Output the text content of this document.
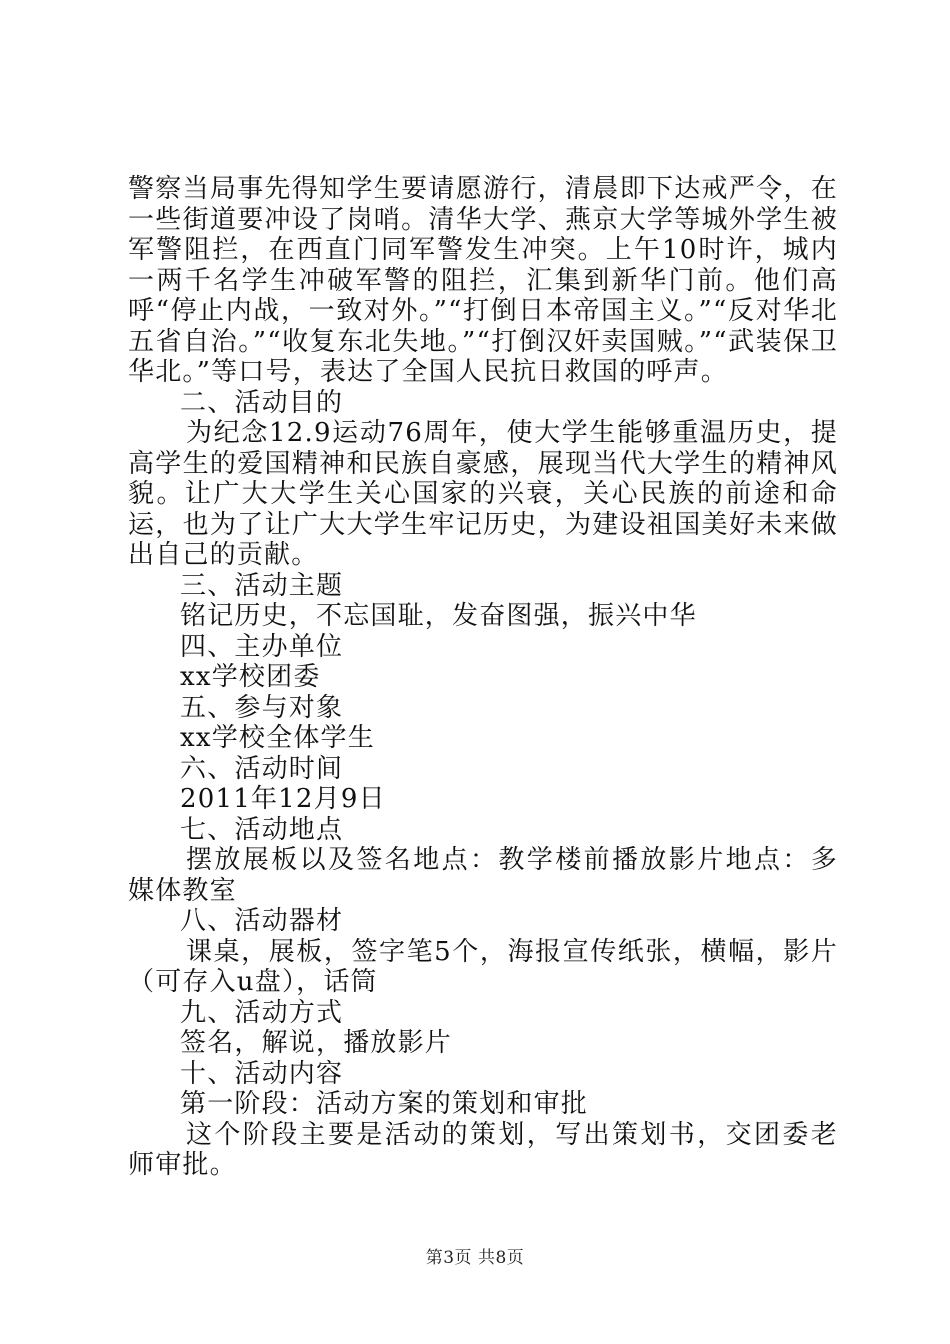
警察当局事先得知学生要请愿游行，清晨即下达戒严令，在一些街道要冲设了岗哨。清华大学、燕京大学等城外学生被军警阻拦，在西直门同军警发生冲突。上午10时许，城内一两千名学生冲破军警的阻拦，汇集到新华门前。他们高呼“停止内战，一致对外。”“打倒日本帝国主义。”“反对华北五省自治。”“收复东北失地。”“打倒汉奸卖国贼。”“武装保卫华北。”等口号，表达了全国人民抗日救国的呼声。

二、活动目的

为纪念12.9运动76周年，使大学生能够重温历史，提高学生的爱国精神和民族自豪感，展现当代大学生的精神风貌。让广大大学生关心国家的兴衰，关心民族的前途和命运，也为了让广大大学生牢记历史，为建设祖国美好未来做出自己的贡献。

三、活动主题

铭记历史，不忘国耻，发奋图强，振兴中华

四、主办单位

xx学校团委

五、参与对象

xx学校全体学生

六、活动时间

2011年12月9日

七、活动地点

摆放展板以及签名地点：教学楼前播放影片地点：多媒体教室

八、活动器材

课桌，展板，签字笔5个，海报宣传纸张，横幅，影片（可存入u盘），话筒

九、活动方式

签名，解说，播放影片

十、活动内容

第一阶段：活动方案的策划和审批

这个阶段主要是活动的策划，写出策划书，交团委老师审批。

第3页 共8页
